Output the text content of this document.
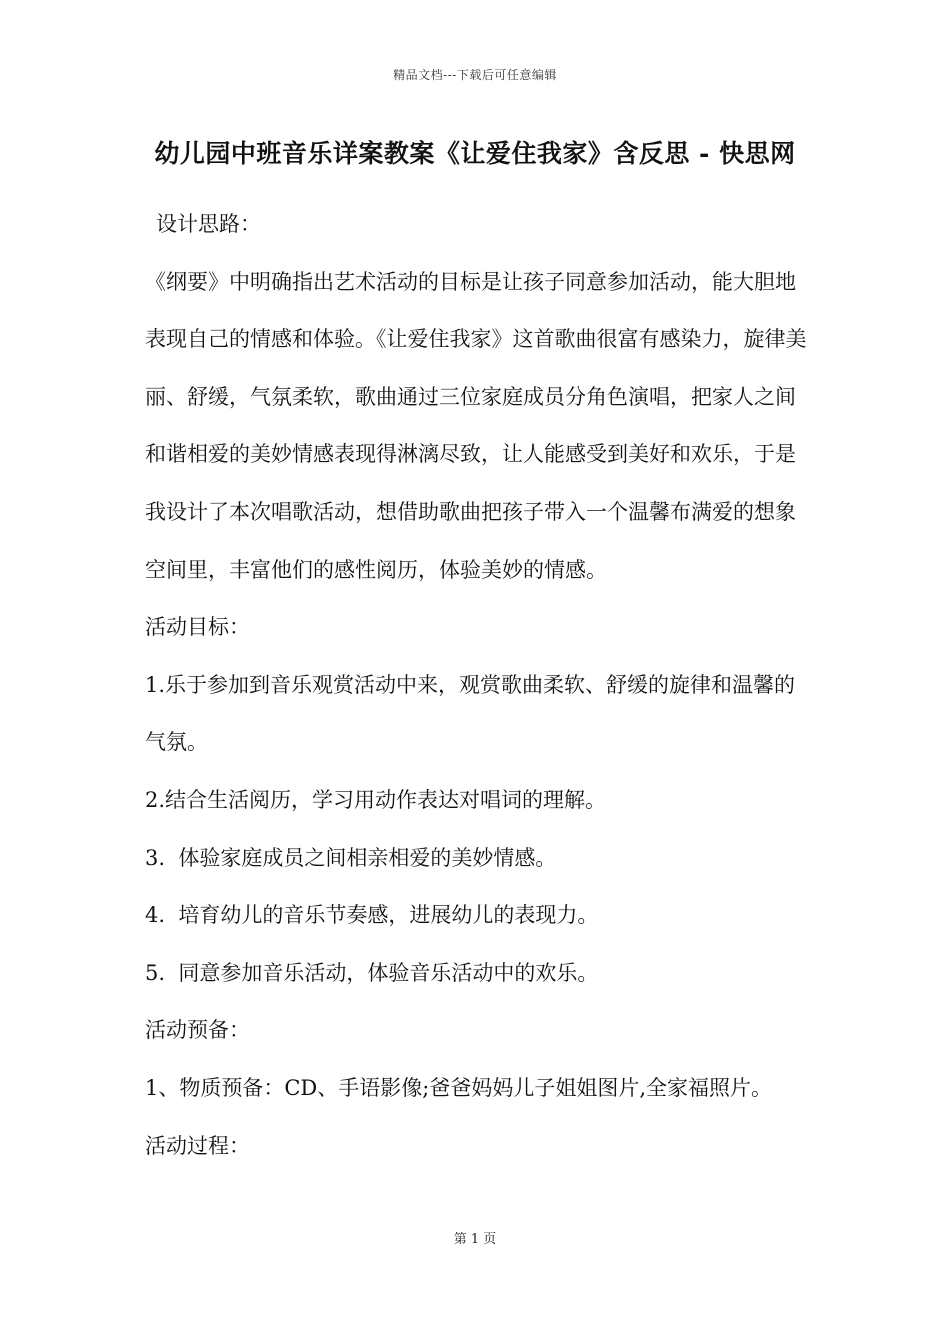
精品文档---下载后可任意编辑
幼儿园中班音乐详案教案《让爱住我家》含反思 - 快思网

设计思路：

《纲要》中明确指出艺术活动的目标是让孩子同意参加活动，能大胆地表现自己的情感和体验。《让爱住我家》这首歌曲很富有感染力，旋律美丽、舒缓，气氛柔软，歌曲通过三位家庭成员分角色演唱，把家人之间和谐相爱的美妙情感表现得淋漓尽致，让人能感受到美好和欢乐，于是我设计了本次唱歌活动，想借助歌曲把孩子带入一个温馨布满爱的想象空间里，丰富他们的感性阅历，体验美妙的情感。

活动目标：

1.乐于参加到音乐观赏活动中来，观赏歌曲柔软、舒缓的旋律和温馨的气氛。

2.结合生活阅历，学习用动作表达对唱词的理解。

3.  体验家庭成员之间相亲相爱的美妙情感。

4.  培育幼儿的音乐节奏感，进展幼儿的表现力。

5.  同意参加音乐活动，体验音乐活动中的欢乐。

活动预备：

1、物质预备：CD、手语影像;爸爸妈妈儿子姐姐图片,全家福照片。

活动过程：

第 1 页
